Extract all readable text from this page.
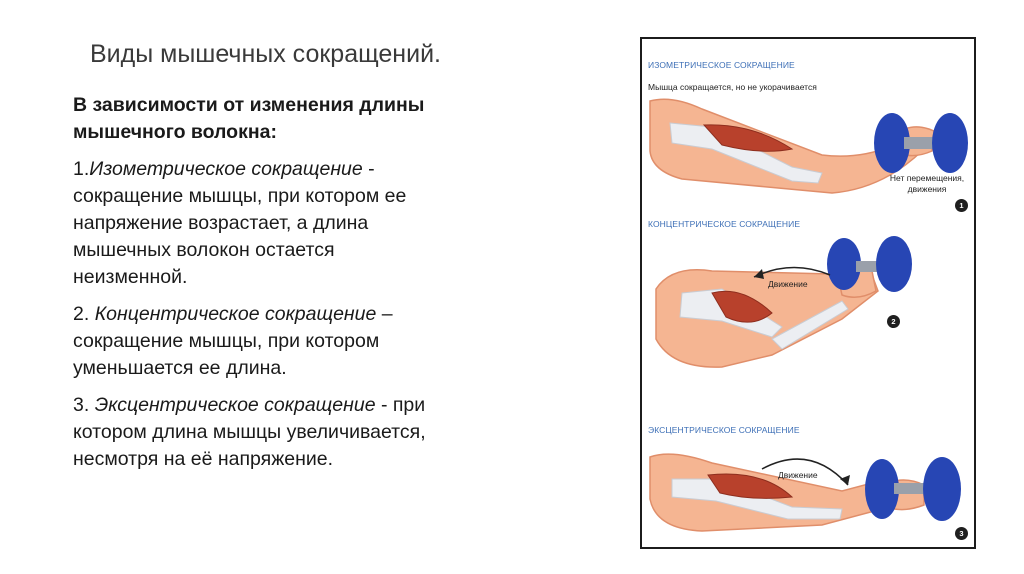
Виды мышечных сокращений.

В зависимости от изменения длины мышечного волокна:

1.Изометрическое сокращение - сокращение мышцы, при котором ее напряжение возрастает, а длина мышечных волокон остается неизменной.

2. Концентрическое сокращение – сокращение мышцы, при котором уменьшается ее длина.

3. Эксцентрическое сокращение - при котором длина мышцы увеличивается, несмотря на её напряжение.

ИЗОМЕТРИЧЕСКОЕ СОКРАЩЕНИЕ
Мышца сокращается, но не укорачивается
Нет перемещения,
движения
1
КОНЦЕНТРИЧЕСКОЕ СОКРАЩЕНИЕ
Движение
2
ЭКСЦЕНТРИЧЕСКОЕ СОКРАЩЕНИЕ
Движение
3
